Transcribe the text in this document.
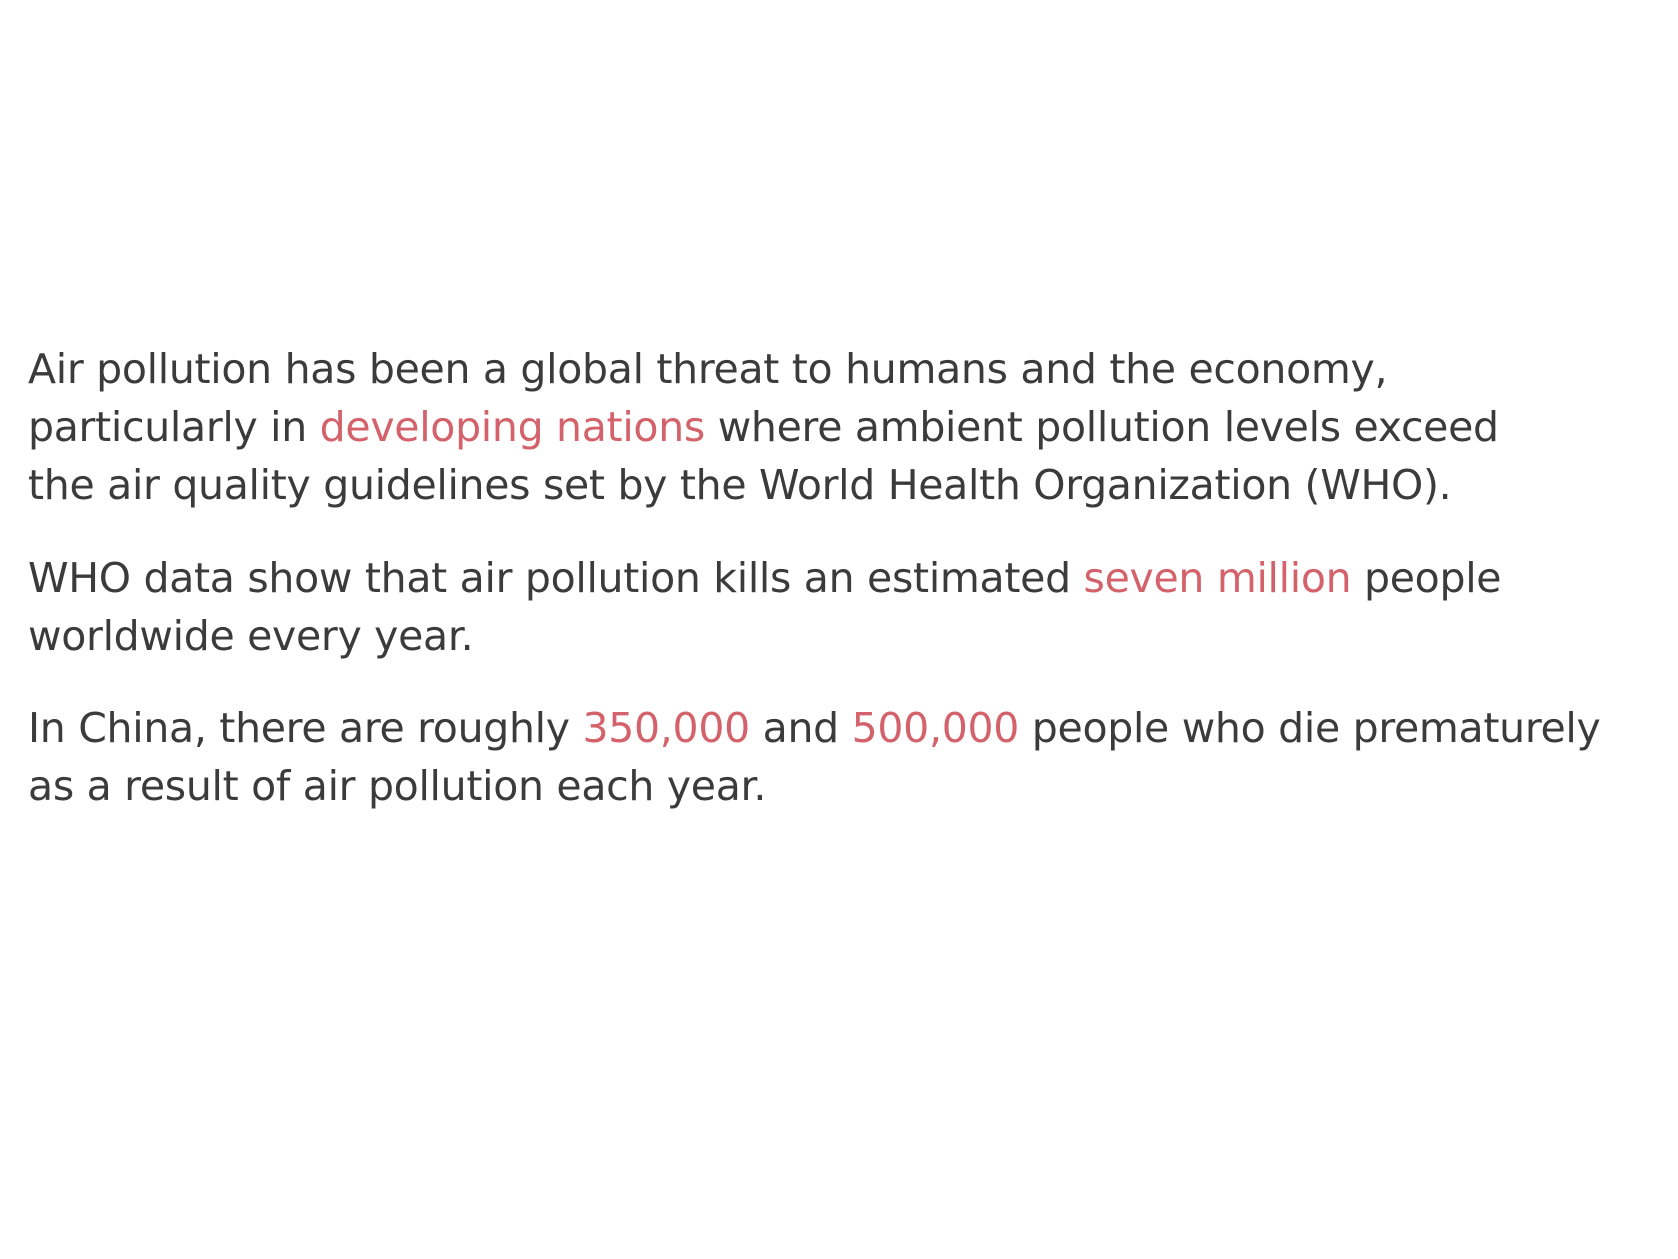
Air pollution has been a global threat to humans and the economy, particularly in developing nations where ambient pollution levels exceed the air quality guidelines set by the World Health Organization (WHO).

WHO data show that air pollution kills an estimated seven million people worldwide every year.

In China, there are roughly 350,000 and 500,000 people who die prematurely as a result of air pollution each year.
